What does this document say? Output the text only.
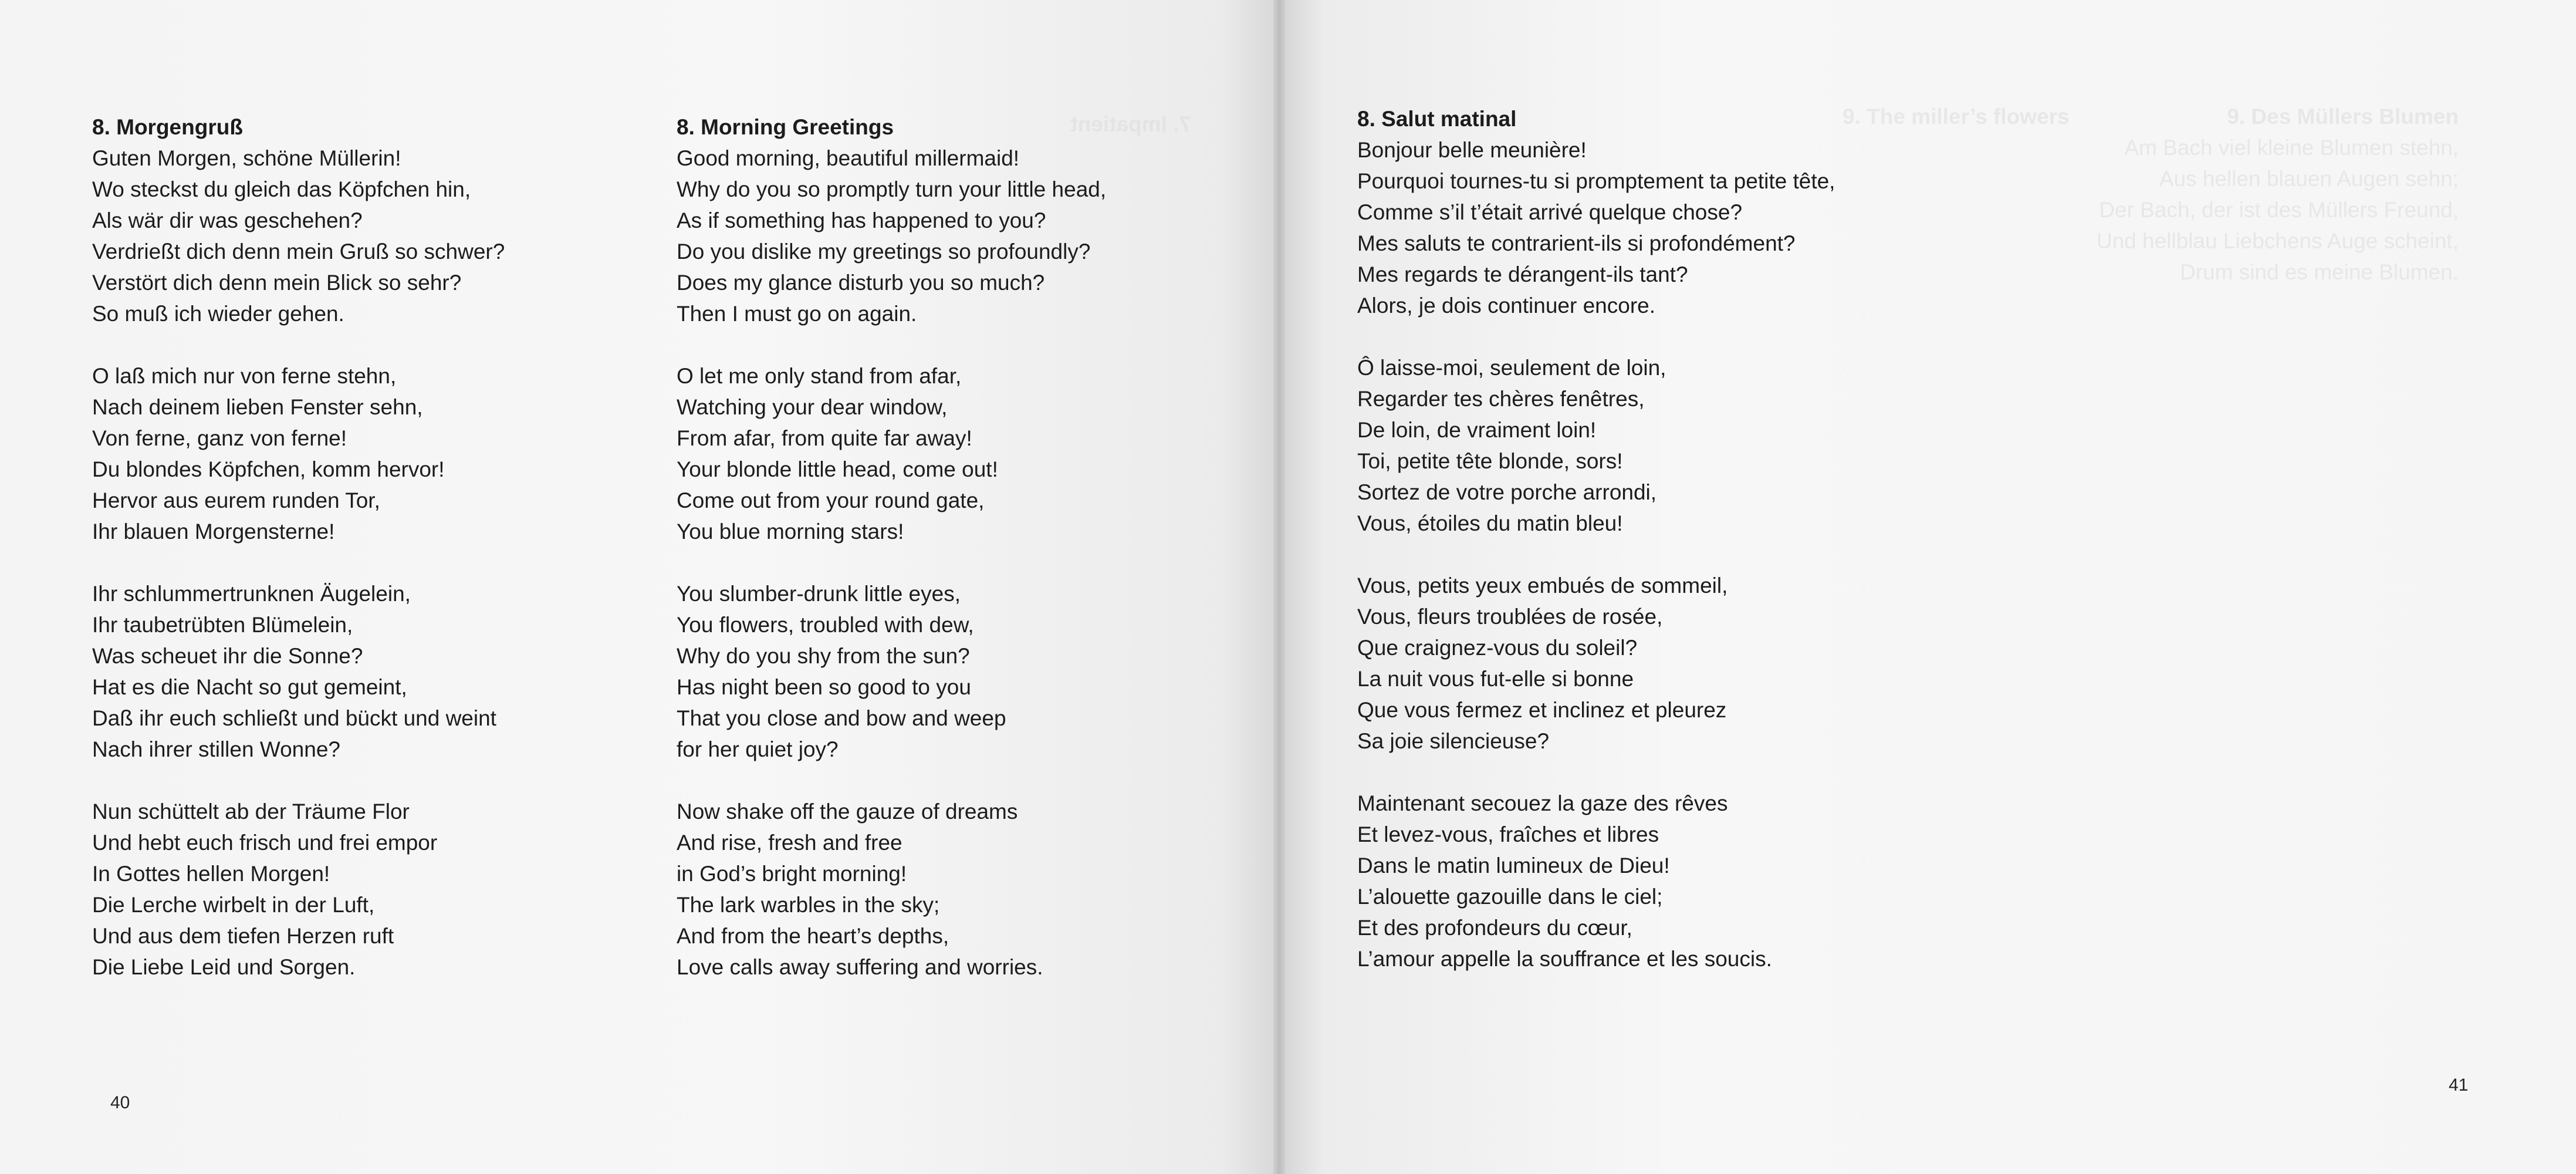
7. Impatient
8. Morgengruß
Guten Morgen, schöne Müllerin!
Wo steckst du gleich das Köpfchen hin,
Als wär dir was geschehen?
Verdrießt dich denn mein Gruß so schwer?
Verstört dich denn mein Blick so sehr?
So muß ich wieder gehen.
O laß mich nur von ferne stehn,
Nach deinem lieben Fenster sehn,
Von ferne, ganz von ferne!
Du blondes Köpfchen, komm hervor!
Hervor aus eurem runden Tor,
Ihr blauen Morgensterne!
Ihr schlummertrunknen Äugelein,
Ihr taubetrübten Blümelein,
Was scheuet ihr die Sonne?
Hat es die Nacht so gut gemeint,
Daß ihr euch schließt und bückt und weint
Nach ihrer stillen Wonne?
Nun schüttelt ab der Träume Flor
Und hebt euch frisch und frei empor
In Gottes hellen Morgen!
Die Lerche wirbelt in der Luft,
Und aus dem tiefen Herzen ruft
Die Liebe Leid und Sorgen.
8. Morning Greetings
Good morning, beautiful millermaid!
Why do you so promptly turn your little head,
As if something has happened to you?
Do you dislike my greetings so profoundly?
Does my glance disturb you so much?
Then I must go on again.
O let me only stand from afar,
Watching your dear window,
From afar, from quite far away!
Your blonde little head, come out!
Come out from your round gate,
You blue morning stars!
You slumber-drunk little eyes,
You flowers, troubled with dew,
Why do you shy from the sun?
Has night been so good to you
That you close and bow and weep
for her quiet joy?
Now shake off the gauze of dreams
And rise, fresh and free
in God’s bright morning!
The lark warbles in the sky;
And from the heart’s depths,
Love calls away suffering and worries.
40
9. The miller’s flowers	9. Des Müllers Blumen
Am Bach viel kleine Blumen stehn,
Aus hellen blauen Augen sehn;
Der Bach, der ist des Müllers Freund,
Und hellblau Liebchens Auge scheint,
Drum sind es meine Blumen.
8. Salut matinal
Bonjour belle meunière!
Pourquoi tournes-tu si promptement ta petite tête,
Comme s’il t’était arrivé quelque chose?
Mes saluts te contrarient-ils si profondément?
Mes regards te dérangent-ils tant?
Alors, je dois continuer encore.
Ô laisse-moi, seulement de loin,
Regarder tes chères fenêtres,
De loin, de vraiment loin!
Toi, petite tête blonde, sors!
Sortez de votre porche arrondi,
Vous, étoiles du matin bleu!
Vous, petits yeux embués de sommeil,
Vous, fleurs troublées de rosée,
Que craignez-vous du soleil?
La nuit vous fut-elle si bonne
Que vous fermez et inclinez et pleurez
Sa joie silencieuse?
Maintenant secouez la gaze des rêves
Et levez-vous, fraîches et libres
Dans le matin lumineux de Dieu!
L’alouette gazouille dans le ciel;
Et des profondeurs du cœur,
L’amour appelle la souffrance et les soucis.
41
